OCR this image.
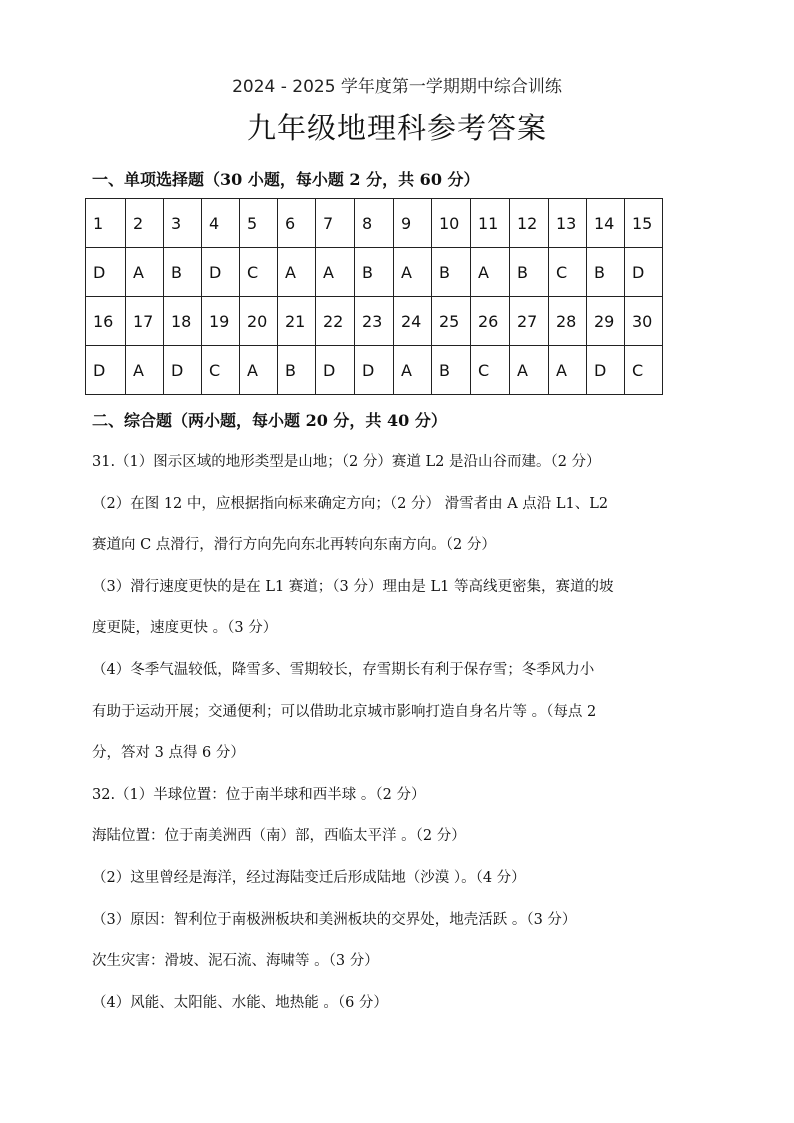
2024 - 2025 学年度第一学期期中综合训练
九年级地理科参考答案
一、单项选择题（30 小题，每小题 2 分，共 60 分）
1	2	3	4	5	6	7	8	9	10	11	12	13	14	15
D	A	B	D	C	A	A	B	A	B	A	B	C	B	D
16	17	18	19	20	21	22	23	24	25	26	27	28	29	30
D	A	D	C	A	B	D	D	A	B	C	A	A	D	C
二、综合题（两小题，每小题 20 分，共 40 分）
31.（1）图示区域的地形类型是山地；（2 分）赛道 L2 是沿山谷而建。（2 分）
（2）在图 12 中，应根据指向标来确定方向；（2 分） 滑雪者由 A 点沿 L1、L2
赛道向 C 点滑行，滑行方向先向东北再转向东南方向。（2 分）
（3）滑行速度更快的是在 L1 赛道；（3 分）理由是 L1 等高线更密集，赛道的坡
度更陡，速度更快 。（3 分）
（4）冬季气温较低，降雪多、雪期较长，存雪期长有利于保存雪；冬季风力小
有助于运动开展；交通便利；可以借助北京城市影响打造自身名片等 。（每点 2
分，答对 3 点得 6 分）
32.（1）半球位置：位于南半球和西半球 。（2 分）
海陆位置：位于南美洲西（南）部，西临太平洋 。（2 分）
（2）这里曾经是海洋，经过海陆变迁后形成陆地（沙漠 ）。（4 分）
（3）原因：智利位于南极洲板块和美洲板块的交界处，地壳活跃 。（3 分）
次生灾害：滑坡、泥石流、海啸等 。（3 分）
（4）风能、太阳能、水能、地热能 。（6 分）
